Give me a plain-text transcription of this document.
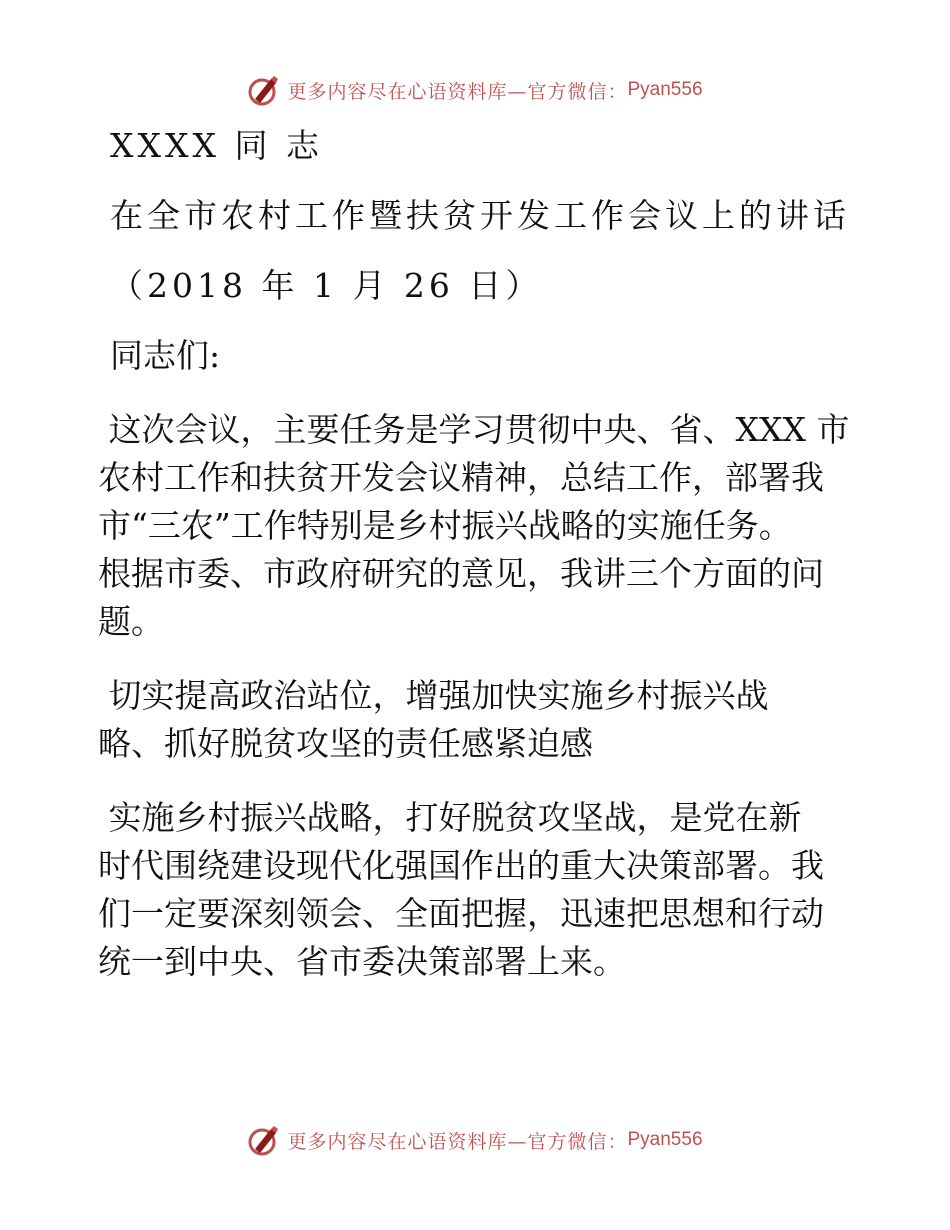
更多内容尽在心语资料库—官方微信： Pyan556

XXXX 同 志

在全市农村工作暨扶贫开发工作会议上的讲话

（2018 年 1 月 26 日）

同志们:

这次会议，主要任务是学习贯彻中央、省、XXX 市

农村工作和扶贫开发会议精神，总结工作，部署我

市“三农”工作特别是乡村振兴战略的实施任务。

根据市委、市政府研究的意见，我讲三个方面的问

题。

切实提高政治站位，增强加快实施乡村振兴战

略、抓好脱贫攻坚的责任感紧迫感

实施乡村振兴战略，打好脱贫攻坚战，是党在新

时代围绕建设现代化强国作出的重大决策部署。我

们一定要深刻领会、全面把握，迅速把思想和行动

统一到中央、省市委决策部署上来。

更多内容尽在心语资料库—官方微信： Pyan556
